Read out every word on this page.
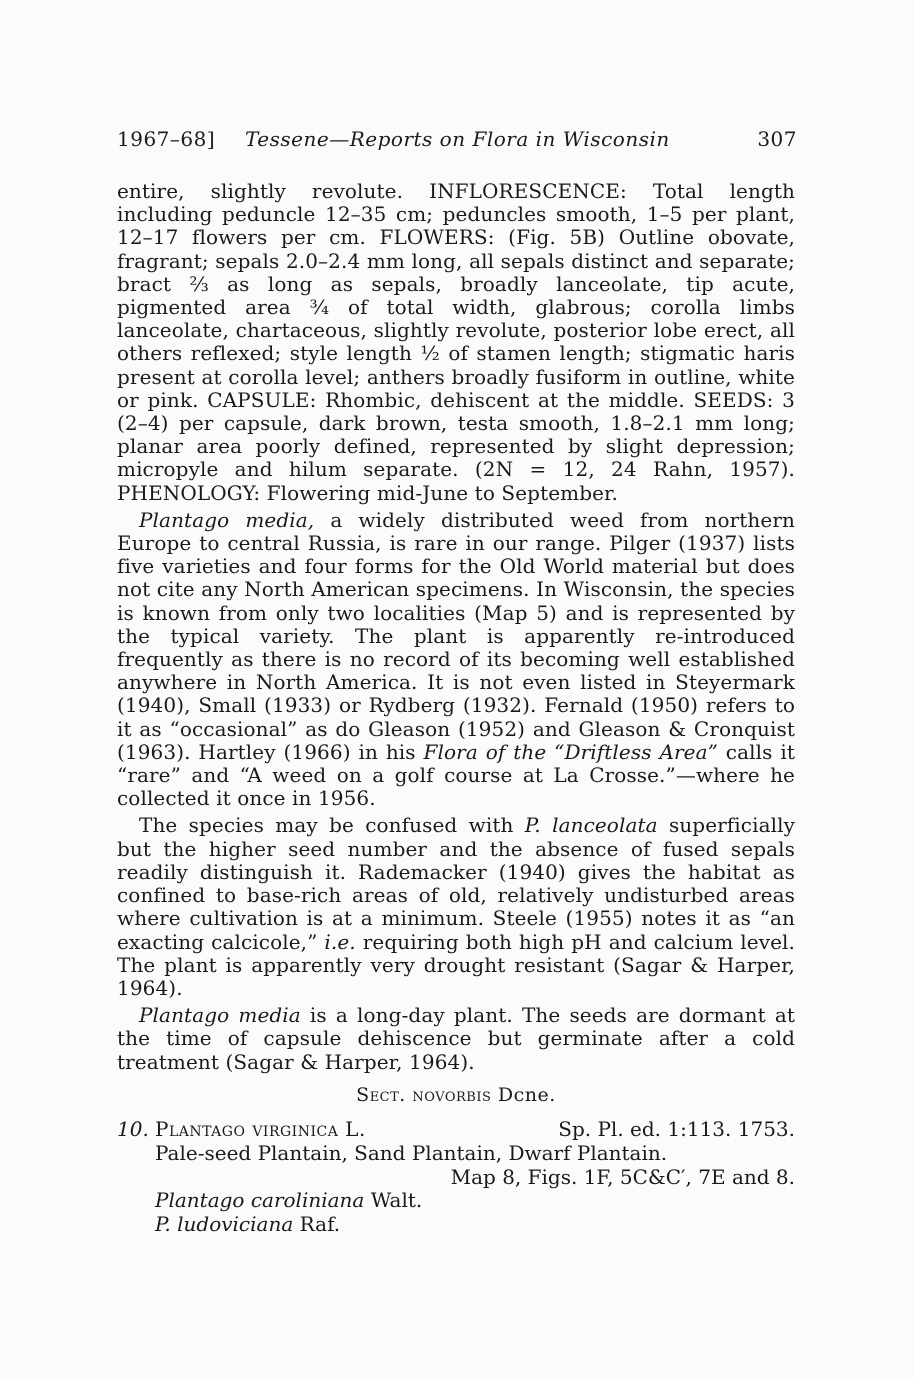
1967–68] Tessene—Reports on Flora in Wisconsin	307

entire, slightly revolute. INFLORESCENCE: Total length including peduncle 12–35 cm; peduncles smooth, 1–5 per plant, 12–17 flowers per cm. FLOWERS: (Fig. 5B) Outline obovate, fragrant; sepals 2.0–2.4 mm long, all sepals distinct and separate; bract ⅔ as long as sepals, broadly lanceolate, tip acute, pigmented area ¾ of total width, glabrous; corolla limbs lanceolate, chartaceous, slightly revolute, posterior lobe erect, all others reflexed; style length ½ of stamen length; stigmatic haris present at corolla level; anthers broadly fusiform in outline, white or pink. CAPSULE: Rhombic, dehiscent at the middle. SEEDS: 3 (2–4) per capsule, dark brown, testa smooth, 1.8–2.1 mm long; planar area poorly defined, represented by slight depression; micropyle and hilum separate. (2N = 12, 24 Rahn, 1957). PHENOLOGY: Flowering mid-June to September.

Plantago media, a widely distributed weed from northern Europe to central Russia, is rare in our range. Pilger (1937) lists five varieties and four forms for the Old World material but does not cite any North American specimens. In Wisconsin, the species is known from only two localities (Map 5) and is represented by the typical variety. The plant is apparently re-introduced frequently as there is no record of its becoming well established anywhere in North America. It is not even listed in Steyermark (1940), Small (1933) or Rydberg (1932). Fernald (1950) refers to it as “occasional” as do Gleason (1952) and Gleason & Cronquist (1963). Hartley (1966) in his Flora of the “Driftless Area” calls it “rare” and “A weed on a golf course at La Crosse.”—where he collected it once in 1956.

The species may be confused with P. lanceolata superficially but the higher seed number and the absence of fused sepals readily distinguish it. Rademacker (1940) gives the habitat as confined to base-rich areas of old, relatively undisturbed areas where cultivation is at a minimum. Steele (1955) notes it as “an exacting calcicole,” i.e. requiring both high pH and calcium level. The plant is apparently very drought resistant (Sagar & Harper, 1964).

Plantago media is a long-day plant. The seeds are dormant at the time of capsule dehiscence but germinate after a cold treatment (Sagar & Harper, 1964).

Sect. novorbis Dcne.
10. Plantago virginica L.	Sp. Pl. ed. 1:113. 1753.
Pale-seed Plantain, Sand Plantain, Dwarf Plantain.
Map 8, Figs. 1F, 5C&C′, 7E and 8.
Plantago caroliniana Walt.
P. ludoviciana Raf.
